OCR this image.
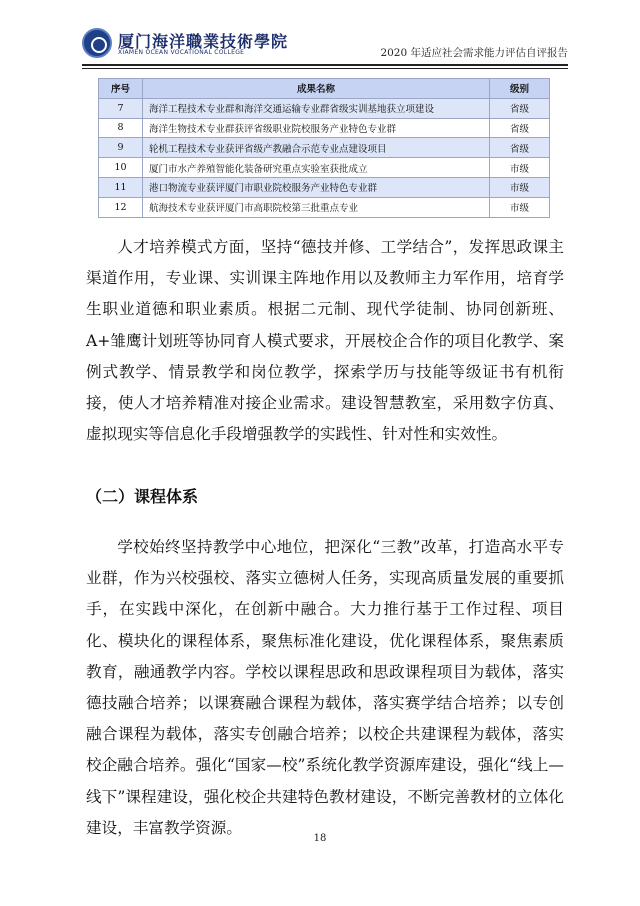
厦门海洋職業技術學院
XIAMEN OCEAN VOCATIONAL COLLEGE	2020 年适应社会需求能力评估自评报告
序号	成果名称	级别
7	海洋工程技术专业群和海洋交通运输专业群省级实训基地获立项建设	省级
8	海洋生物技术专业群获评省级职业院校服务产业特色专业群	省级
9	轮机工程技术专业获评省级产教融合示范专业点建设项目	省级
10	厦门市水产养殖智能化装备研究重点实验室获批成立	市级
11	港口物流专业获评厦门市职业院校服务产业特色专业群	市级
12	航海技术专业获评厦门市高职院校第三批重点专业	市级

人才培养模式方面，坚持“德技并修、工学结合”，发挥思政课主渠道作用，专业课、实训课主阵地作用以及教师主力军作用，培育学生职业道德和职业素质。根据二元制、现代学徒制、协同创新班、A+雏鹰计划班等协同育人模式要求，开展校企合作的项目化教学、案例式教学、情景教学和岗位教学，探索学历与技能等级证书有机衔接，使人才培养精准对接企业需求。建设智慧教室，采用数字仿真、虚拟现实等信息化手段增强教学的实践性、针对性和实效性。

（二）课程体系

学校始终坚持教学中心地位，把深化“三教”改革，打造高水平专业群，作为兴校强校、落实立德树人任务，实现高质量发展的重要抓手，在实践中深化，在创新中融合。大力推行基于工作过程、项目化、模块化的课程体系，聚焦标准化建设，优化课程体系，聚焦素质教育，融通教学内容。学校以课程思政和思政课程项目为载体，落实德技融合培养；以课赛融合课程为载体，落实赛学结合培养；以专创融合课程为载体，落实专创融合培养；以校企共建课程为载体，落实校企融合培养。强化“国家—校”系统化教学资源库建设，强化“线上—线下”课程建设，强化校企共建特色教材建设，不断完善教材的立体化建设，丰富教学资源。

18
